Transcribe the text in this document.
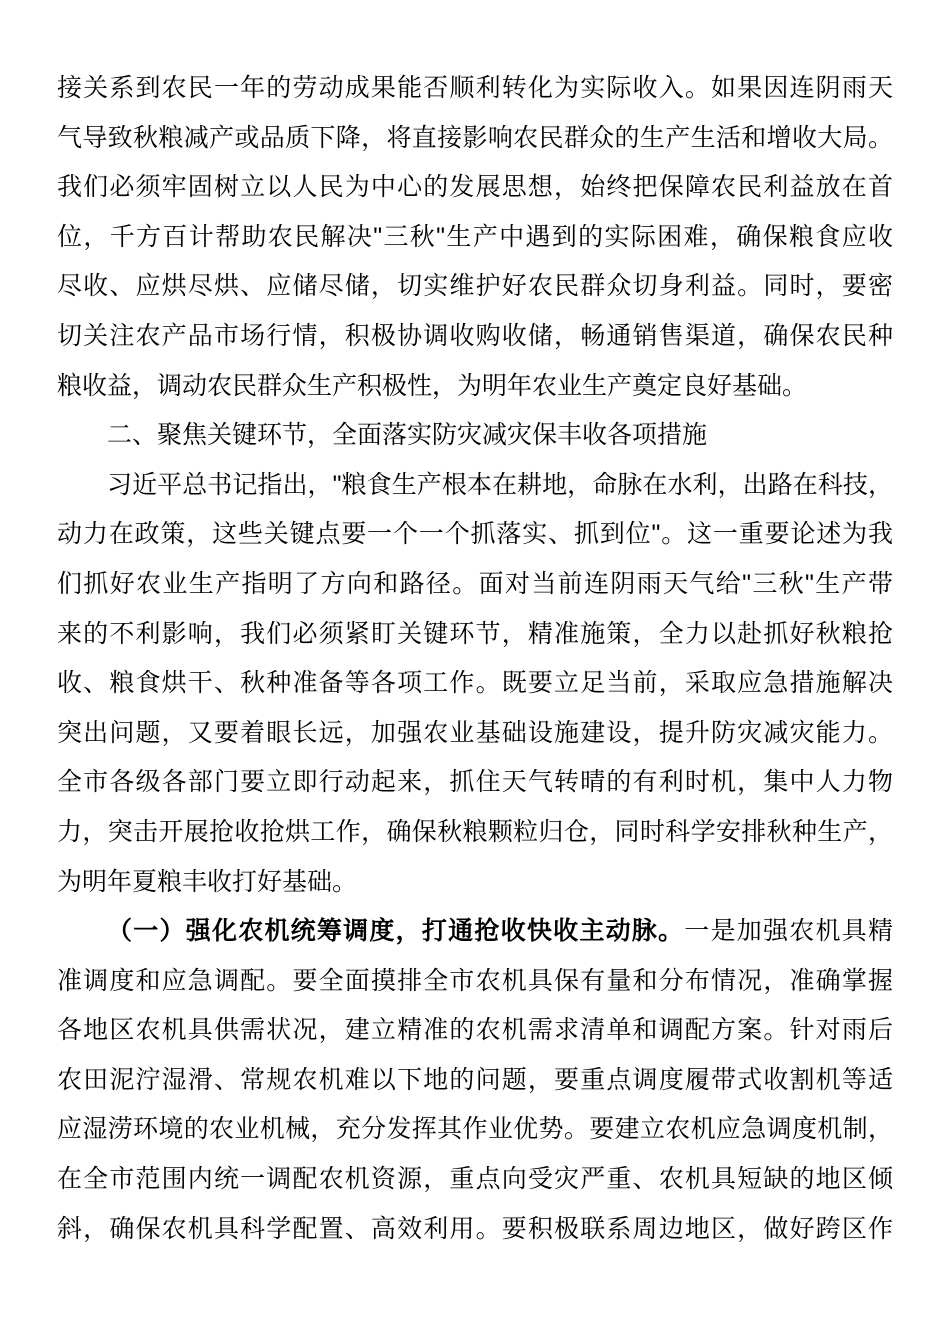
接关系到农民一年的劳动成果能否顺利转化为实际收入。如果因连阴雨天
气导致秋粮减产或品质下降，将直接影响农民群众的生产生活和增收大局。
我们必须牢固树立以人民为中心的发展思想，始终把保障农民利益放在首
位，千方百计帮助农民解决"三秋"生产中遇到的实际困难，确保粮食应收
尽收、应烘尽烘、应储尽储，切实维护好农民群众切身利益。同时，要密
切关注农产品市场行情，积极协调收购收储，畅通销售渠道，确保农民种
粮收益，调动农民群众生产积极性，为明年农业生产奠定良好基础。
二、聚焦关键环节，全面落实防灾减灾保丰收各项措施
习近平总书记指出，"粮食生产根本在耕地，命脉在水利，出路在科技，
动力在政策，这些关键点要一个一个抓落实、抓到位"。这一重要论述为我
们抓好农业生产指明了方向和路径。面对当前连阴雨天气给"三秋"生产带
来的不利影响，我们必须紧盯关键环节，精准施策，全力以赴抓好秋粮抢
收、粮食烘干、秋种准备等各项工作。既要立足当前，采取应急措施解决
突出问题，又要着眼长远，加强农业基础设施建设，提升防灾减灾能力。
全市各级各部门要立即行动起来，抓住天气转晴的有利时机，集中人力物
力，突击开展抢收抢烘工作，确保秋粮颗粒归仓，同时科学安排秋种生产，
为明年夏粮丰收打好基础。
（一）强化农机统筹调度，打通抢收快收主动脉。一是加强农机具精
准调度和应急调配。要全面摸排全市农机具保有量和分布情况，准确掌握
各地区农机具供需状况，建立精准的农机需求清单和调配方案。针对雨后
农田泥泞湿滑、常规农机难以下地的问题，要重点调度履带式收割机等适
应湿涝环境的农业机械，充分发挥其作业优势。要建立农机应急调度机制，
在全市范围内统一调配农机资源，重点向受灾严重、农机具短缺的地区倾
斜，确保农机具科学配置、高效利用。要积极联系周边地区，做好跨区作
